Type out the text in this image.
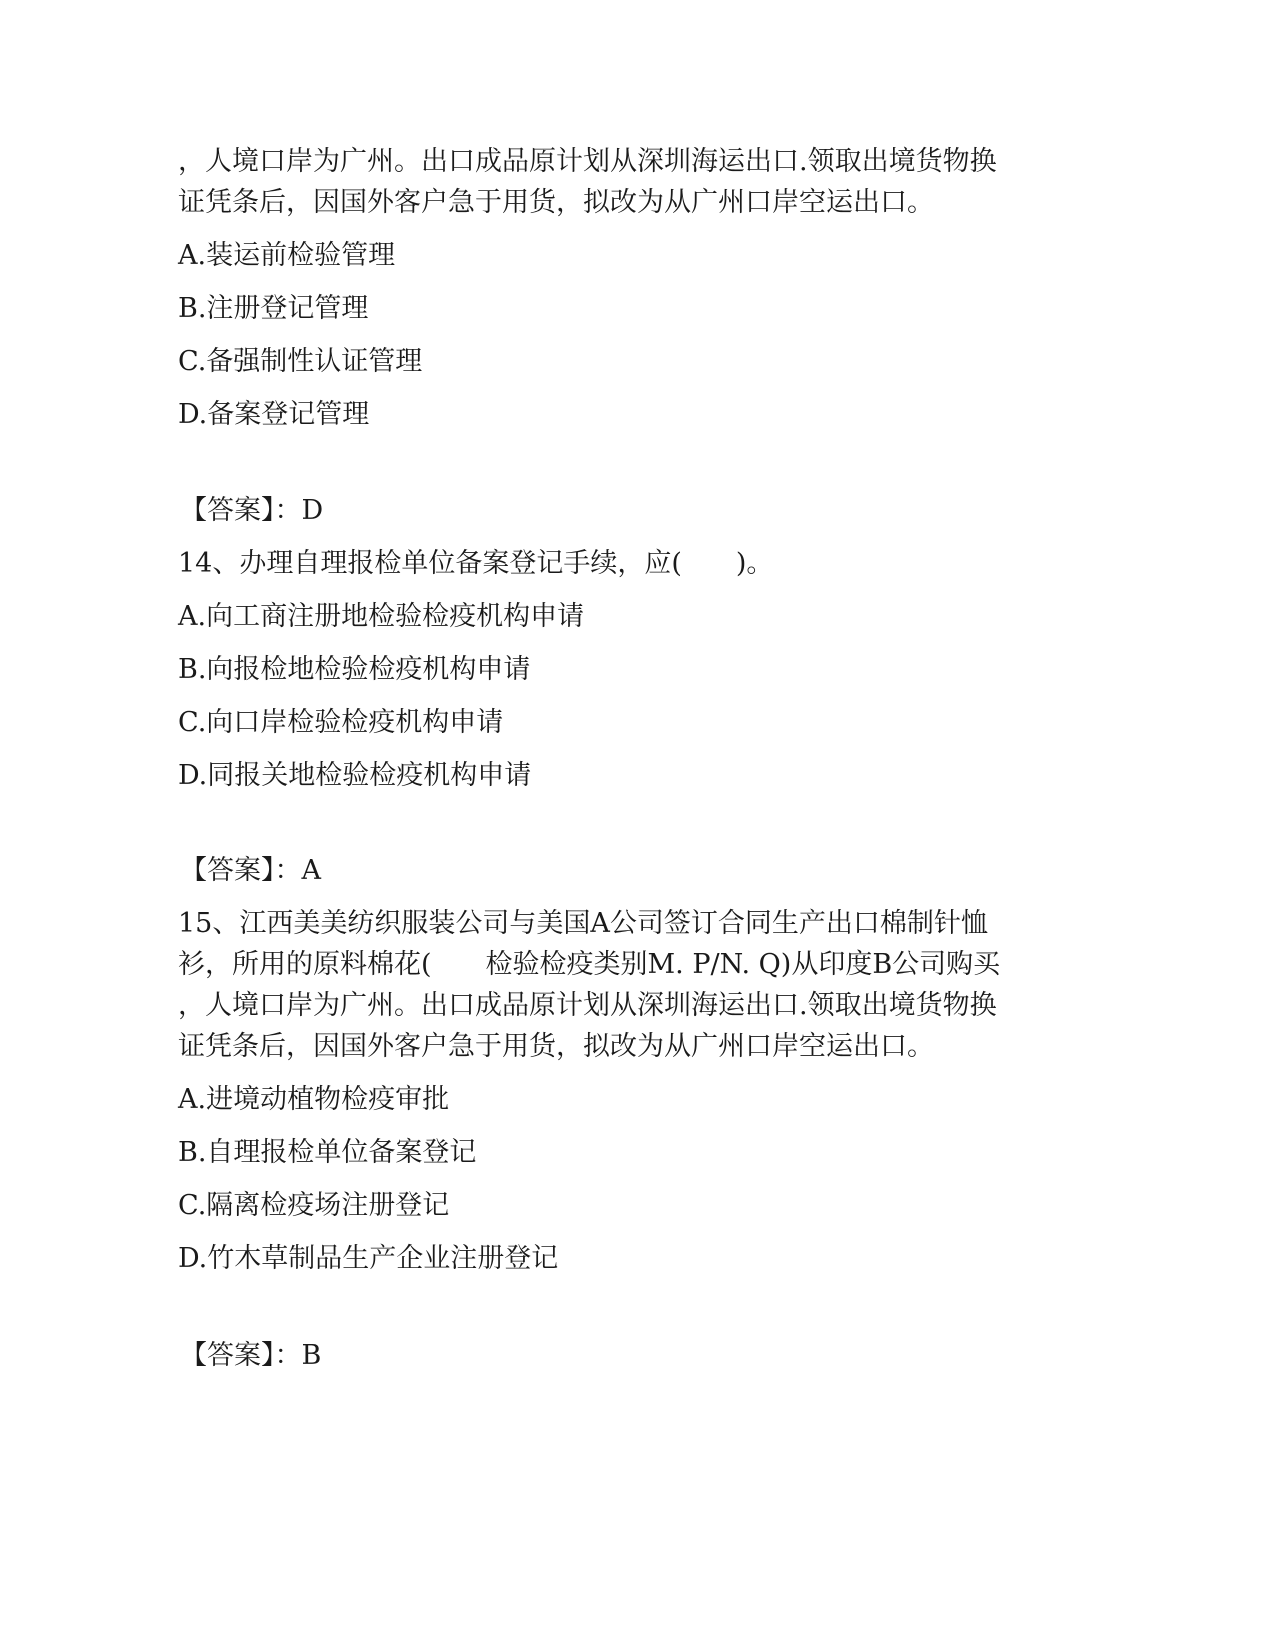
，人境口岸为广州。出口成品原计划从深圳海运出口.领取出境货物换
证凭条后，因国外客户急于用货，拟改为从广州口岸空运出口。
A.装运前检验管理
B.注册登记管理
C.备强制性认证管理
D.备案登记管理
【答案】：D
14、办理自理报检单位备案登记手续，应(　　)。
A.向工商注册地检验检疫机构申请
B.向报检地检验检疫机构申请
C.向口岸检验检疫机构申请
D.同报关地检验检疫机构申请
【答案】：A
15、江西美美纺织服装公司与美国A公司签订合同生产出口棉制针恤
衫，所用的原料棉花(　　检验检疫类别M. P/N. Q)从印度B公司购买
，人境口岸为广州。出口成品原计划从深圳海运出口.领取出境货物换
证凭条后，因国外客户急于用货，拟改为从广州口岸空运出口。
A.进境动植物检疫审批
B.自理报检单位备案登记
C.隔离检疫场注册登记
D.竹木草制品生产企业注册登记
【答案】：B
